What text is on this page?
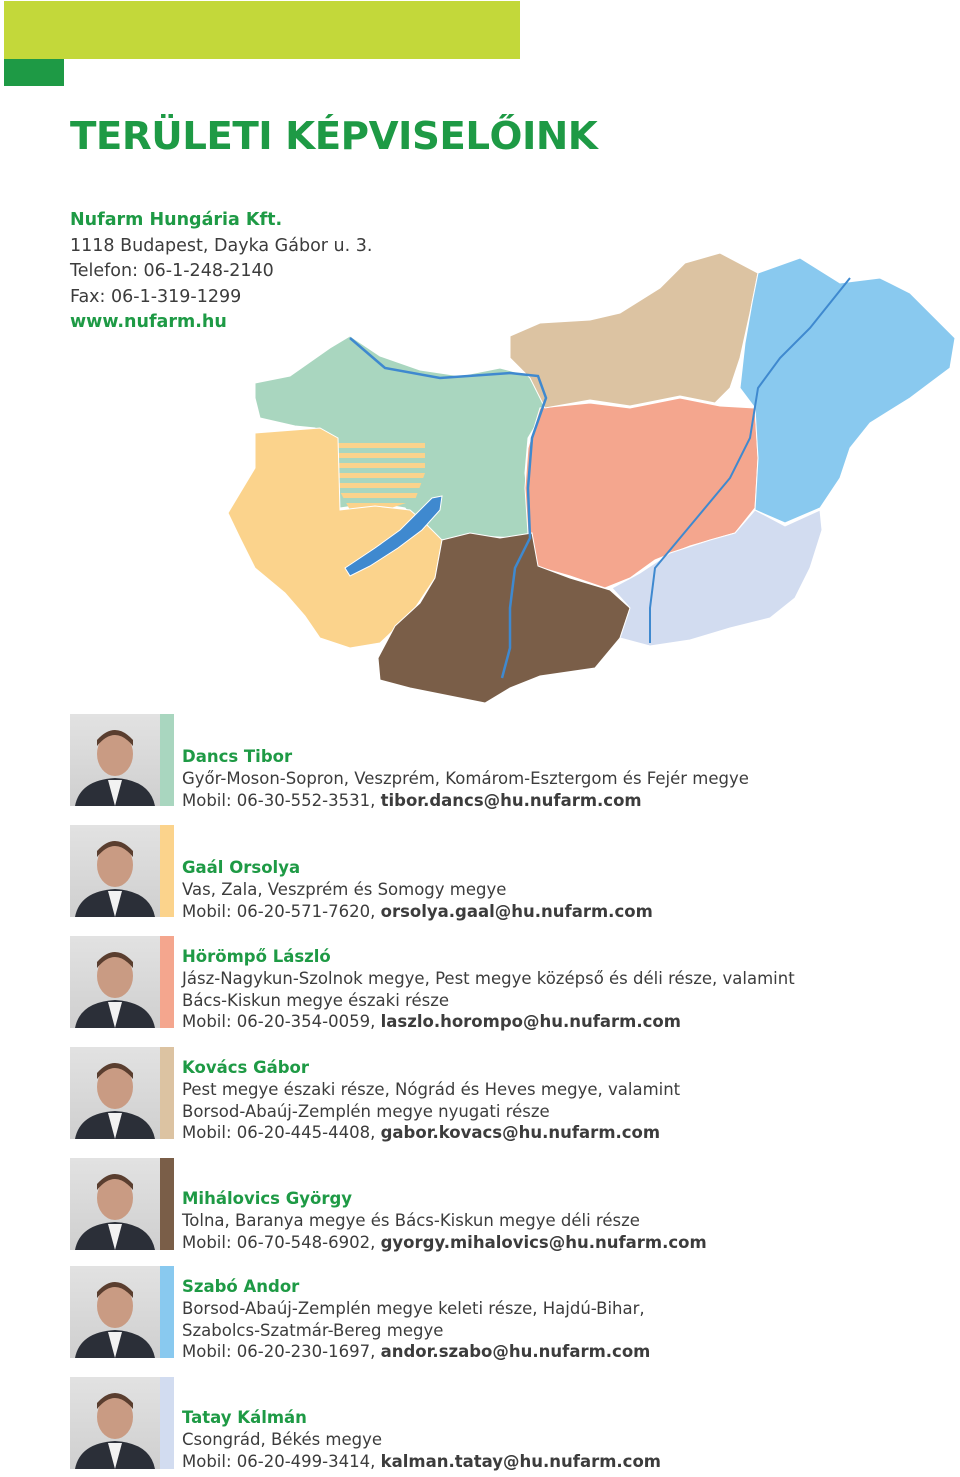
TERÜLETI KÉPVISELŐINK
Nufarm Hungária Kft.
1118 Budapest, Dayka Gábor u. 3.
Telefon: 06-1-248-2140
Fax: 06-1-319-1299
www.nufarm.hu
Dancs Tibor
Győr-Moson-Sopron, Veszprém, Komárom-Esztergom és Fejér megye
Mobil: 06-30-552-3531, tibor.dancs@hu.nufarm.com
Gaál Orsolya
Vas, Zala, Veszprém és Somogy megye
Mobil: 06-20-571-7620, orsolya.gaal@hu.nufarm.com
Hörömpő László
Jász-Nagykun-Szolnok megye, Pest megye középső és déli része, valamint
Bács-Kiskun megye északi része
Mobil: 06-20-354-0059, laszlo.horompo@hu.nufarm.com
Kovács Gábor
Pest megye északi része, Nógrád és Heves megye, valamint
Borsod-Abaúj-Zemplén megye nyugati része
Mobil: 06-20-445-4408, gabor.kovacs@hu.nufarm.com
Mihálovics György
Tolna, Baranya megye és Bács-Kiskun megye déli része
Mobil: 06-70-548-6902, gyorgy.mihalovics@hu.nufarm.com
Szabó Andor
Borsod-Abaúj-Zemplén megye keleti része, Hajdú-Bihar,
Szabolcs-Szatmár-Bereg megye
Mobil: 06-20-230-1697, andor.szabo@hu.nufarm.com
Tatay Kálmán
Csongrád, Békés megye
Mobil: 06-20-499-3414, kalman.tatay@hu.nufarm.com
